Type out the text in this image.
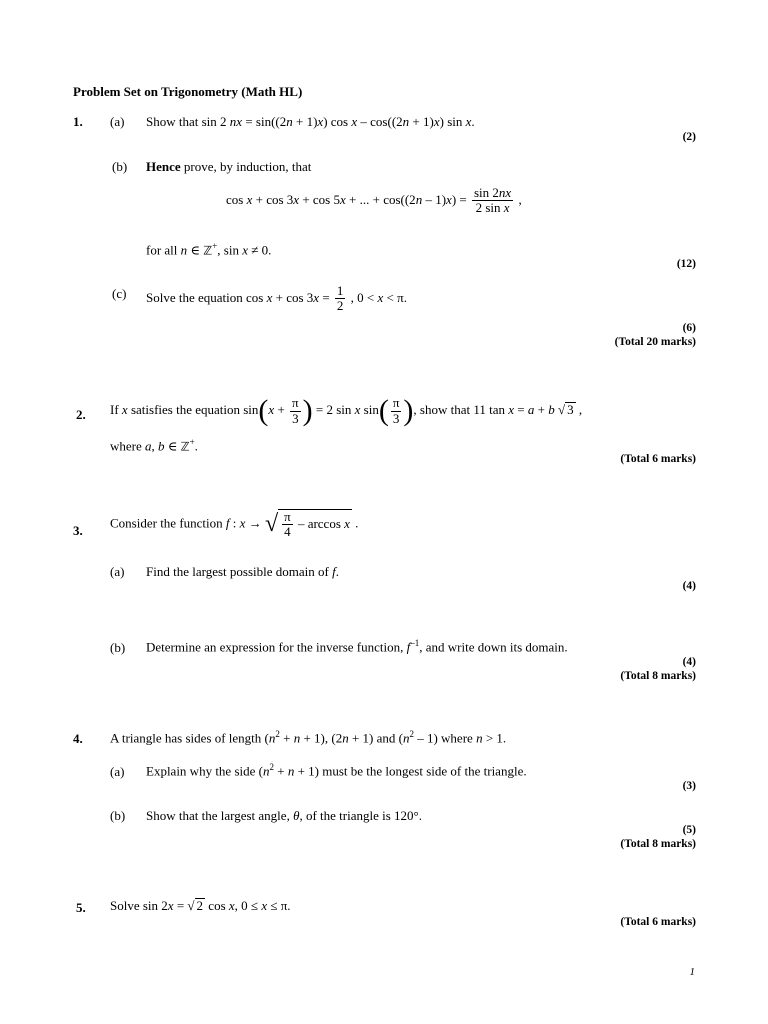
Problem Set on Trigonometry (Math HL)
1. (a) Show that sin 2 nx = sin((2n + 1)x) cos x – cos((2n + 1)x) sin x.
(2)
(b) Hence prove, by induction, that
cos x + cos 3x + cos 5x + ... + $\cos((2n - 1)x) = \frac{\sin 2nx}{\text{2 sin x}}$ ,
for all n ∈ ℤ+, sin x ≠ 0.
(12)
(c) Solve the equation $\cos x + \cos 3x = \frac{1}{2}$ , 0 < x < π.
(6)
(Total 20 marks)
2. If x satisfies the equation $\sin(x + \frac{\pi}{3}$ ) = 2 sin x $\sin( \frac{\pi}{3}$ ), show that 11 tan x = a + b √ 3 ,
where a, b ∈ ℤ+.
(Total 6 marks)
3.
Consider the function f : x → √ $\frac{\pi}{4}$ – arccos x .
(a) Find the largest possible domain of f.
(4)
(b) Determine an expression for the inverse function, $f^{-1}$, and write down its domain.
(4)
(Total 8 marks)
4. A triangle has sides of length $(n^2 + n + 1)$, (2n + 1) and $(n^2 - 1)$ where n > 1.
(a) Explain why the side $(n^2 + n + 1)$ must be the longest side of the triangle.
(3)
(b) Show that the largest angle, θ, of the triangle is 120°.
(5)
(Total 8 marks)
5. Solve sin 2x = √ 2 cos x, 0 ≤ x ≤ π.
(Total 6 marks)
1
